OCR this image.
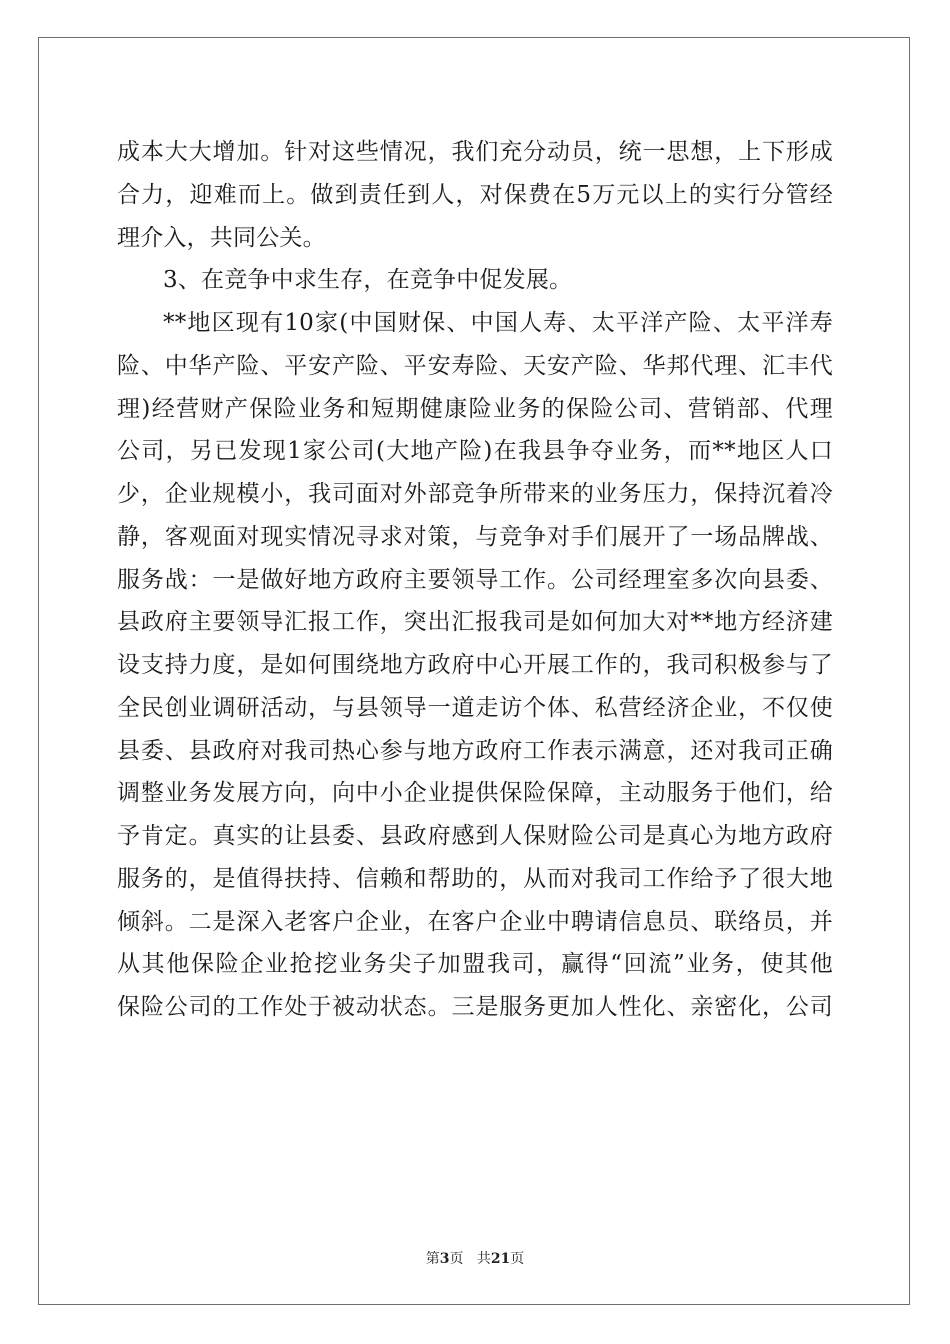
成本大大增加。针对这些情况，我们充分动员，统一思想，上下形成
合力，迎难而上。做到责任到人，对保费在5万元以上的实行分管经
理介入，共同公关。
3、在竞争中求生存，在竞争中促发展。
**地区现有10家(中国财保、中国人寿、太平洋产险、太平洋寿
险、中华产险、平安产险、平安寿险、天安产险、华邦代理、汇丰代
理)经营财产保险业务和短期健康险业务的保险公司、营销部、代理
公司，另已发现1家公司(大地产险)在我县争夺业务，而**地区人口
少，企业规模小，我司面对外部竞争所带来的业务压力，保持沉着冷
静，客观面对现实情况寻求对策，与竞争对手们展开了一场品牌战、
服务战：一是做好地方政府主要领导工作。公司经理室多次向县委、
县政府主要领导汇报工作，突出汇报我司是如何加大对**地方经济建
设支持力度，是如何围绕地方政府中心开展工作的，我司积极参与了
全民创业调研活动，与县领导一道走访个体、私营经济企业，不仅使
县委、县政府对我司热心参与地方政府工作表示满意，还对我司正确
调整业务发展方向，向中小企业提供保险保障，主动服务于他们，给
予肯定。真实的让县委、县政府感到人保财险公司是真心为地方政府
服务的，是值得扶持、信赖和帮助的，从而对我司工作给予了很大地
倾斜。二是深入老客户企业，在客户企业中聘请信息员、联络员，并
从其他保险企业抢挖业务尖子加盟我司，赢得“回流”业务，使其他
保险公司的工作处于被动状态。三是服务更加人性化、亲密化，公司
第3页 共21页
